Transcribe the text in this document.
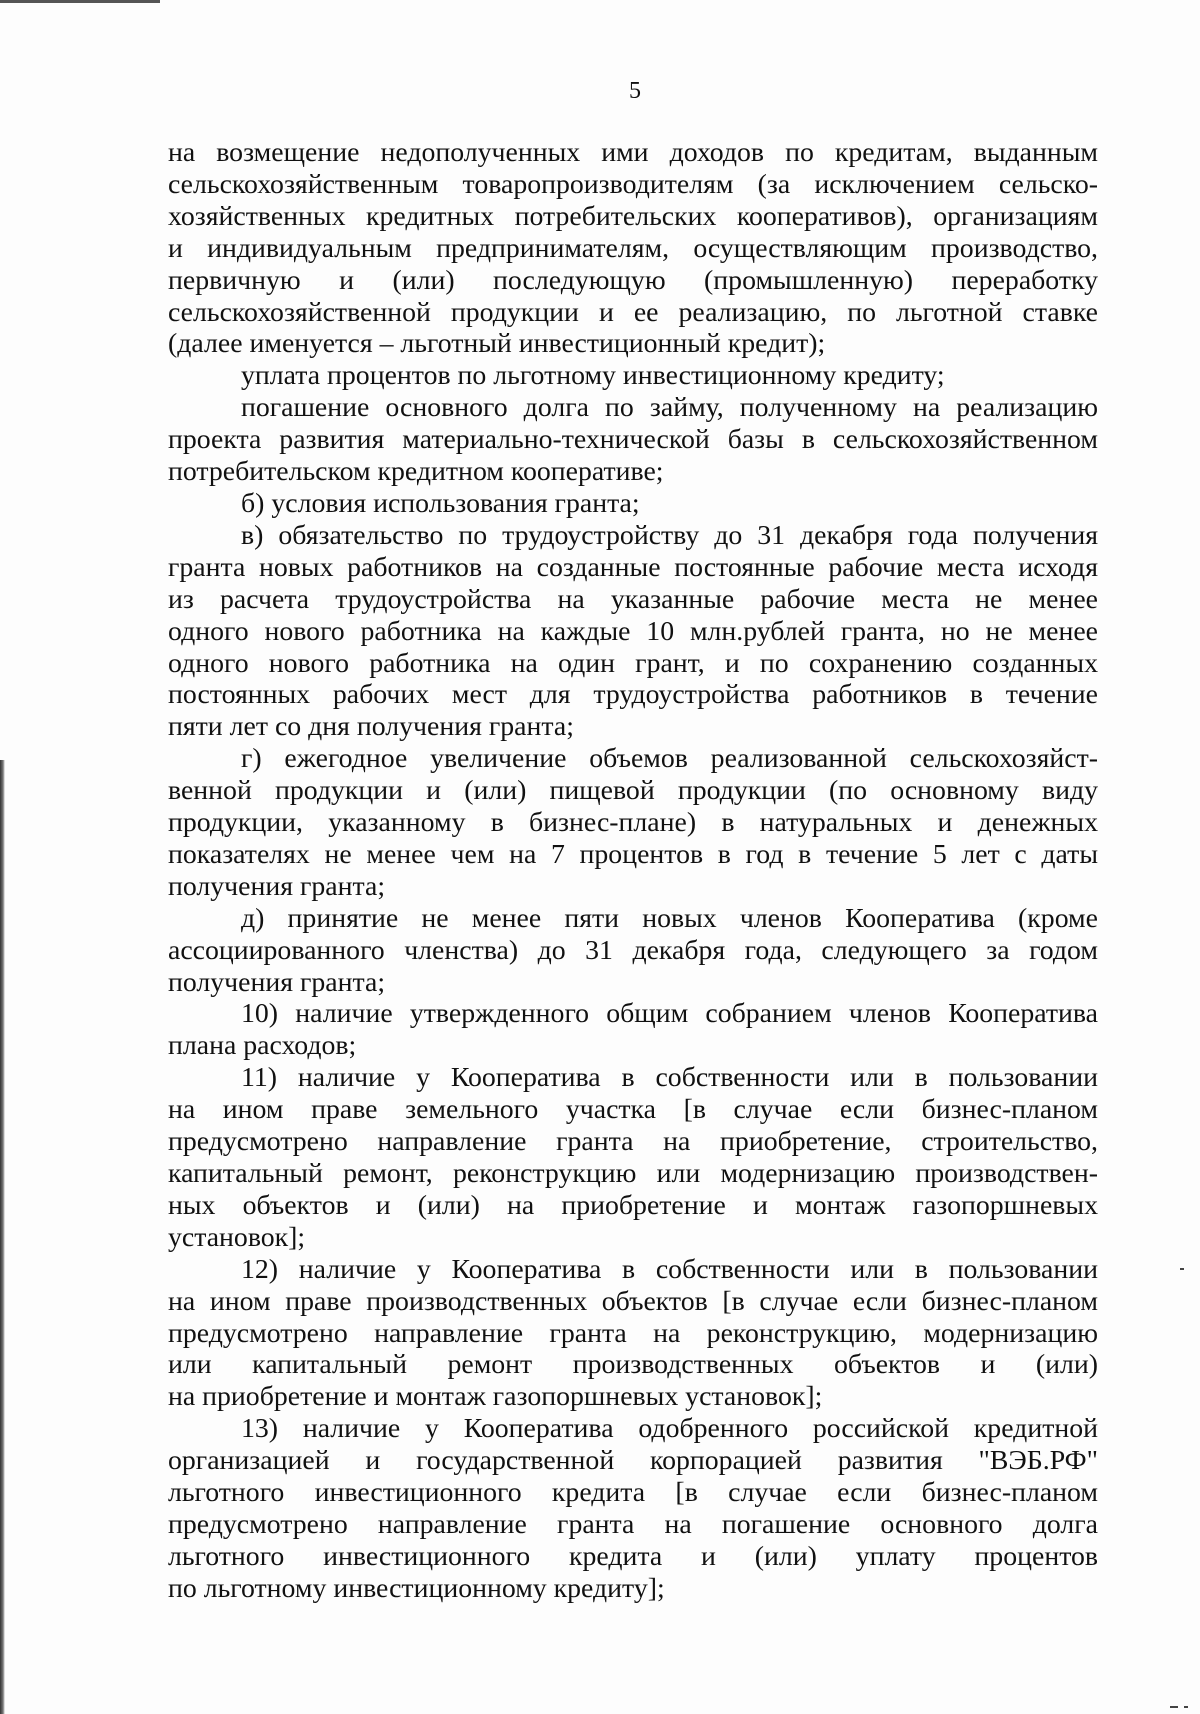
5

на возмещение недополученных ими доходов по кредитам, выданным
сельскохозяйственным товаропроизводителям (за исключением сельско-
хозяйственных кредитных потребительских кооперативов), организациям
и индивидуальным предпринимателям, осуществляющим производство,
первичную и (или) последующую (промышленную) переработку
сельскохозяйственной продукции и ее реализацию, по льготной ставке
(далее именуется – льготный инвестиционный кредит);

уплата процентов по льготному инвестиционному кредиту;

погашение основного долга по займу, полученному на реализацию
проекта развития материально-технической базы в сельскохозяйственном
потребительском кредитном кооперативе;

б) условия использования гранта;

в) обязательство по трудоустройству до 31 декабря года получения
гранта новых работников на созданные постоянные рабочие места исходя
из расчета трудоустройства на указанные рабочие места не менее
одного нового работника на каждые 10 млн.рублей гранта, но не менее
одного нового работника на один грант, и по сохранению созданных
постоянных рабочих мест для трудоустройства работников в течение
пяти лет со дня получения гранта;

г) ежегодное увеличение объемов реализованной сельскохозяйст-
венной продукции и (или) пищевой продукции (по основному виду
продукции, указанному в бизнес-плане) в натуральных и денежных
показателях не менее чем на 7 процентов в год в течение 5 лет с даты
получения гранта;

д) принятие не менее пяти новых членов Кооператива (кроме
ассоциированного членства) до 31 декабря года, следующего за годом
получения гранта;

10) наличие утвержденного общим собранием членов Кооператива
плана расходов;

11) наличие у Кооператива в собственности или в пользовании
на ином праве земельного участка [в случае если бизнес-планом
предусмотрено направление гранта на приобретение, строительство,
капитальный ремонт, реконструкцию или модернизацию производствен-
ных объектов и (или) на приобретение и монтаж газопоршневых
установок];

12) наличие у Кооператива в собственности или в пользовании
на ином праве производственных объектов [в случае если бизнес-планом
предусмотрено направление гранта на реконструкцию, модернизацию
или капитальный ремонт производственных объектов и (или)
на приобретение и монтаж газопоршневых установок];

13) наличие у Кооператива одобренного российской кредитной
организацией и государственной корпорацией развития "ВЭБ.РФ"
льготного инвестиционного кредита [в случае если бизнес-планом
предусмотрено направление гранта на погашение основного долга
льготного инвестиционного кредита и (или) уплату процентов
по льготному инвестиционному кредиту];
